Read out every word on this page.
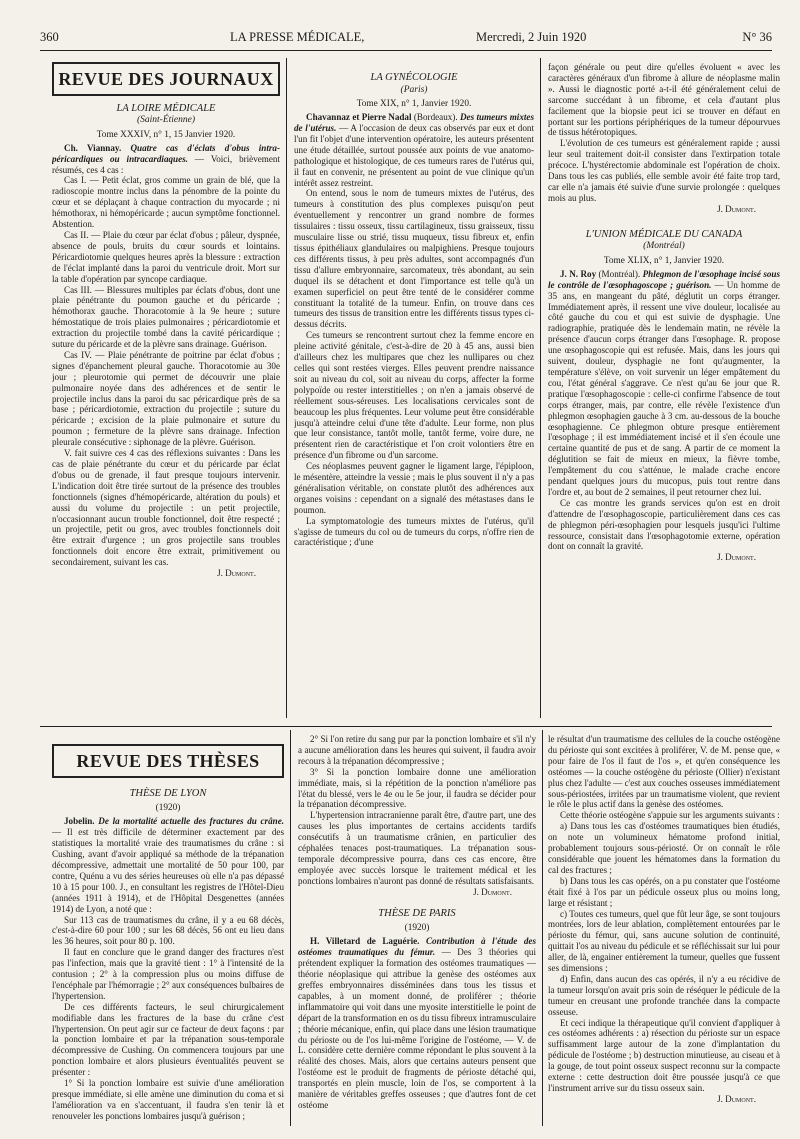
360	LA PRESSE MÉDICALE,	Mercredi, 2 Juin 1920	N° 36
REVUE DES JOURNAUX
LA LOIRE MÉDICALE
(Saint-Étienne)
Tome XXXIV, n° 1, 15 Janvier 1920.

Ch. Viannay. Quatre cas d'éclats d'obus intra-péricardiques ou intracardiaques. — Voici, brièvement résumés, ces 4 cas :

Cas I. — Petit éclat, gros comme un grain de blé, que la radioscopie montre inclus dans la pénombre de la pointe du cœur et se déplaçant à chaque contraction du myocarde ; ni hémothorax, ni hémopéricarde ; aucun symptôme fonctionnel. Abstention.

Cas II. — Plaie du cœur par éclat d'obus ; pâleur, dyspnée, absence de pouls, bruits du cœur sourds et lointains. Péricardiotomie quelques heures après la blessure : extraction de l'éclat implanté dans la paroi du ventricule droit. Mort sur la table d'opération par syncope cardiaque.

Cas III. — Blessures multiples par éclats d'obus, dont une plaie pénétrante du poumon gauche et du péricarde ; hémothorax gauche. Thoracotomie à la 9e heure ; suture hémostatique de trois plaies pulmonaires ; péricardiotomie et extraction du projectile tombé dans la cavité péricardique ; suture du péricarde et de la plèvre sans drainage. Guérison.

Cas IV. — Plaie pénétrante de poitrine par éclat d'obus ; signes d'épanchement pleural gauche. Thoracotomie au 30e jour ; pleurotomie qui permet de découvrir une plaie pulmonaire noyée dans des adhérences et de sentir le projectile inclus dans la paroi du sac péricardique près de sa base ; péricardiotomie, extraction du projectile ; suture du péricarde ; excision de la plaie pulmonaire et suture du poumon ; fermeture de la plèvre sans drainage. Infection pleurale consécutive : siphonage de la plèvre. Guérison.

V. fait suivre ces 4 cas des réflexions suivantes : Dans les cas de plaie pénétrante du cœur et du péricarde par éclat d'obus ou de grenade, il faut presque toujours intervenir. L'indication doit être tirée surtout de la présence des troubles fonctionnels (signes d'hémopéricarde, altération du pouls) et aussi du volume du projectile : un petit projectile, n'occasionnant aucun trouble fonctionnel, doit être respecté ; un projectile, petit ou gros, avec troubles fonctionnels doit être extrait d'urgence ; un gros projectile sans troubles fonctionnels doit encore être extrait, primitivement ou secondairement, suivant les cas.

J. Dumont.
LA GYNÉCOLOGIE
(Paris)
Tome XIX, n° 1, Janvier 1920.

Chavannaz et Pierre Nadal (Bordeaux). Des tumeurs mixtes de l'utérus. — A l'occasion de deux cas observés par eux et dont l'un fit l'objet d'une intervention opératoire, les auteurs présentent une étude détaillée, surtout poussée aux points de vue anatomo-pathologique et histologique, de ces tumeurs rares de l'utérus qui, il faut en convenir, ne présentent au point de vue clinique qu'un intérêt assez restreint.

On entend, sous le nom de tumeurs mixtes de l'utérus, des tumeurs à constitution des plus complexes puisqu'on peut éventuellement y rencontrer un grand nombre de formes tissulaires : tissu osseux, tissu cartilagineux, tissu graisseux, tissu musculaire lisse ou strié, tissu muqueux, tissu fibreux et, enfin tissus épithéliaux glandulaires ou malpighiens. Presque toujours ces différents tissus, à peu près adultes, sont accompagnés d'un tissu d'allure embryonnaire, sarcomateux, très abondant, au sein duquel ils se détachent et dont l'importance est telle qu'à un examen superficiel on peut être tenté de le considérer comme constituant la totalité de la tumeur. Enfin, on trouve dans ces tumeurs des tissus de transition entre les différents tissus types ci-dessus décrits.

Ces tumeurs se rencontrent surtout chez la femme encore en pleine activité génitale, c'est-à-dire de 20 à 45 ans, aussi bien d'ailleurs chez les multipares que chez les nullipares ou chez celles qui sont restées vierges. Elles peuvent prendre naissance soit au niveau du col, soit au niveau du corps, affecter la forme polypoïde ou rester interstitielles ; on n'en a jamais observé de réellement sous-séreuses. Les localisations cervicales sont de beaucoup les plus fréquentes. Leur volume peut être considérable jusqu'à atteindre celui d'une tête d'adulte. Leur forme, non plus que leur consistance, tantôt molle, tantôt ferme, voire dure, ne présentent rien de caractéristique et l'on croit volontiers être en présence d'un fibrome ou d'un sarcome.

Ces néoplasmes peuvent gagner le ligament large, l'épiploon, le mésentère, atteindre la vessie ; mais le plus souvent il n'y a pas généralisation véritable, on constate plutôt des adhérences aux organes voisins : cependant on a signalé des métastases dans le poumon.

La symptomatologie des tumeurs mixtes de l'utérus, qu'il s'agisse de tumeurs du col ou de tumeurs du corps, n'offre rien de caractéristique ; d'une

façon générale ou peut dire qu'elles évoluent « avec les caractères généraux d'un fibrome à allure de néoplasme malin ». Aussi le diagnostic porté a-t-il été généralement celui de sarcome succédant à un fibrome, et cela d'autant plus facilement que la biopsie peut ici se trouver en défaut en portant sur les portions périphériques de la tumeur dépourvues de tissus hétérotopiques.

L'évolution de ces tumeurs est généralement rapide ; aussi leur seul traitement doit-il consister dans l'extirpation totale précoce. L'hystérectomie abdominale est l'opération de choix. Dans tous les cas publiés, elle semble avoir été faite trop tard, car elle n'a jamais été suivie d'une survie prolongée : quelques mois au plus.

J. Dumont.
L'UNION MÉDICALE DU CANADA
(Montréal)
Tome XLIX, n° 1, Janvier 1920.

J. N. Roy (Montréal). Phlegmon de l'œsophage incisé sous le contrôle de l'œsophagoscope ; guérison. — Un homme de 35 ans, en mangeant du pâté, déglutit un corps étranger. Immédiatement après, il ressent une vive douleur, localisée au côté gauche du cou et qui est suivie de dysphagie. Une radiographie, pratiquée dès le lendemain matin, ne révèle la présence d'aucun corps étranger dans l'œsophage. R. propose une œsophagoscopie qui est refusée. Mais, dans les jours qui suivent, douleur, dysphagie ne font qu'augmenter, la température s'élève, on voit survenir un léger empâtement du cou, l'état général s'aggrave. Ce n'est qu'au 6e jour que R. pratique l'œsophagoscopie : celle-ci confirme l'absence de tout corps étranger, mais, par contre, elle révèle l'existence d'un phlegmon œsophagien gauche à 3 cm. au-dessous de la bouche œsophagienne. Ce phlegmon obture presque entièrement l'œsophage ; il est immédiatement incisé et il s'en écoule une certaine quantité de pus et de sang. A partir de ce moment la déglutition se fait de mieux en mieux, la fièvre tombe, l'empâtement du cou s'atténue, le malade crache encore pendant quelques jours du mucopus, puis tout rentre dans l'ordre et, au bout de 2 semaines, il peut retourner chez lui.

Ce cas montre les grands services qu'on est en droit d'attendre de l'œsophagoscopie, particulièrement dans ces cas de phlegmon péri-œsophagien pour lesquels jusqu'ici l'ultime ressource, consistait dans l'œsophagotomie externe, opération dont on connaît la gravité.

J. Dumont.
REVUE DES THÈSES
THÈSE DE LYON
(1920)

Jobelin. De la mortalité actuelle des fractures du crâne. — Il est très difficile de déterminer exactement par des statistiques la mortalité vraie des traumatismes du crâne : si Cushing, avant d'avoir appliqué sa méthode de la trépanation décompressive, admettait une mortalité de 50 pour 100, par contre, Quénu a vu des séries heureuses où elle n'a pas dépassé 10 à 15 pour 100. J., en consultant les registres de l'Hôtel-Dieu (années 1911 à 1914), et de l'Hôpital Desgenettes (années 1914) de Lyon, a noté que :

Sur 113 cas de traumatismes du crâne, il y a eu 68 décès, c'est-à-dire 60 pour 100 ; sur les 68 décès, 56 ont eu lieu dans les 36 heures, soit pour 80 p. 100.

Il faut en conclure que le grand danger des fractures n'est pas l'infection, mais que la gravité tient : 1° à l'intensité de la contusion ; 2° à la compression plus ou moins diffuse de l'encéphale par l'hémorragie ; 2° aux conséquences bulbaires de l'hypertension.

De ces différents facteurs, le seul chirurgicalement modifiable dans les fractures de la base du crâne c'est l'hypertension. On peut agir sur ce facteur de deux façons : par la ponction lombaire et par la trépanation sous-temporale décompressive de Cushing. On commencera toujours par une ponction lombaire et alors plusieurs éventualités peuvent se présenter :

1° Si la ponction lombaire est suivie d'une amélioration presque immédiate, si elle amène une diminution du coma et si l'amélioration va en s'accentuant, il faudra s'en tenir là et renouveler les ponctions lombaires jusqu'à guérison ;

2° Si l'on retire du sang pur par la ponction lombaire et s'il n'y a aucune amélioration dans les heures qui suivent, il faudra avoir recours à la trépanation décompressive ;

3° Si la ponction lombaire donne une amélioration immédiate, mais, si la répétition de la ponction n'améliore pas l'état du blessé, vers le 4e ou le 5e jour, il faudra se décider pour la trépanation décompressive.

L'hypertension intracranienne paraît être, d'autre part, une des causes les plus importantes de certains accidents tardifs consécutifs à un traumatisme crânien, en particulier des céphalées tenaces post-traumatiques. La trépanation sous-temporale décompressive pourra, dans ces cas encore, être employée avec succès lorsque le traitement médical et les ponctions lombaires n'auront pas donné de résultats satisfaisants.

J. Dumont.
THÈSE DE PARIS
(1920)

H. Villetard de Laguérie. Contribution à l'étude des ostéomes traumatiques du fémur. — Des 3 théories qui prétendent expliquer la formation des ostéomes traumatiques — théorie néoplasique qui attribue la genèse des ostéomes aux greffes embryonnaires disséminées dans tous les tissus et capables, à un moment donné, de proliférer ; théorie inflammatoire qui voit dans une myosite interstitielle le point de départ de la transformation en os du tissu fibreux intramusculaire ; théorie mécanique, enfin, qui place dans une lésion traumatique du périoste ou de l'os lui-même l'origine de l'ostéome, — V. de L. considère cette dernière comme répondant le plus souvent à la réalité des choses. Mais, alors que certains auteurs pensent que l'ostéome est le produit de fragments de périoste détaché qui, transportés en plein muscle, loin de l'os, se comportent à la manière de véritables greffes osseuses ; que d'autres font de cet ostéome

le résultat d'un traumatisme des cellules de la couche ostéogène du périoste qui sont excitées à proliférer, V. de M. pense que, « pour faire de l'os il faut de l'os », et qu'en conséquence les ostéomes — la couche ostéogène du périoste (Ollier) n'existant plus chez l'adulte — c'est aux couches osseuses immédiatement sous-périostées, irritées par un traumatisme violent, que revient le rôle le plus actif dans la genèse des ostéomes.

Cette théorie ostéogène s'appuie sur les arguments suivants :

a) Dans tous les cas d'ostéomes traumatiques bien étudiés, on note un volumineux hématome profond initial, probablement toujours sous-périosté. Or on connaît le rôle considérable que jouent les hématomes dans la formation du cal des fractures ;

b) Dans tous les cas opérés, on a pu constater que l'ostéome était fixé à l'os par un pédicule osseux plus ou moins long, large et résistant ;

c) Toutes ces tumeurs, quel que fût leur âge, se sont toujours montrées, lors de leur ablation, complètement entourées par le périoste du fémur, qui, sans aucune solution de continuité, quittait l'os au niveau du pédicule et se réfléchissait sur lui pour aller, de là, engainer entièrement la tumeur, quelles que fussent ses dimensions ;

d) Enfin, dans aucun des cas opérés, il n'y a eu récidive de la tumeur lorsqu'on avait pris soin de réséquer le pédicule de la tumeur en creusant une profonde tranchée dans la compacte osseuse.

Et ceci indique la thérapeutique qu'il convient d'appliquer à ces ostéomes adhérents : a) résection du périoste sur un espace suffisamment large autour de la zone d'implantation du pédicule de l'ostéome ; b) destruction minutieuse, au ciseau et à la gouge, de tout point osseux suspect reconnu sur la compacte externe : cette destruction doit être poussée jusqu'à ce que l'instrument arrive sur du tissu osseux sain.

J. Dumont.
